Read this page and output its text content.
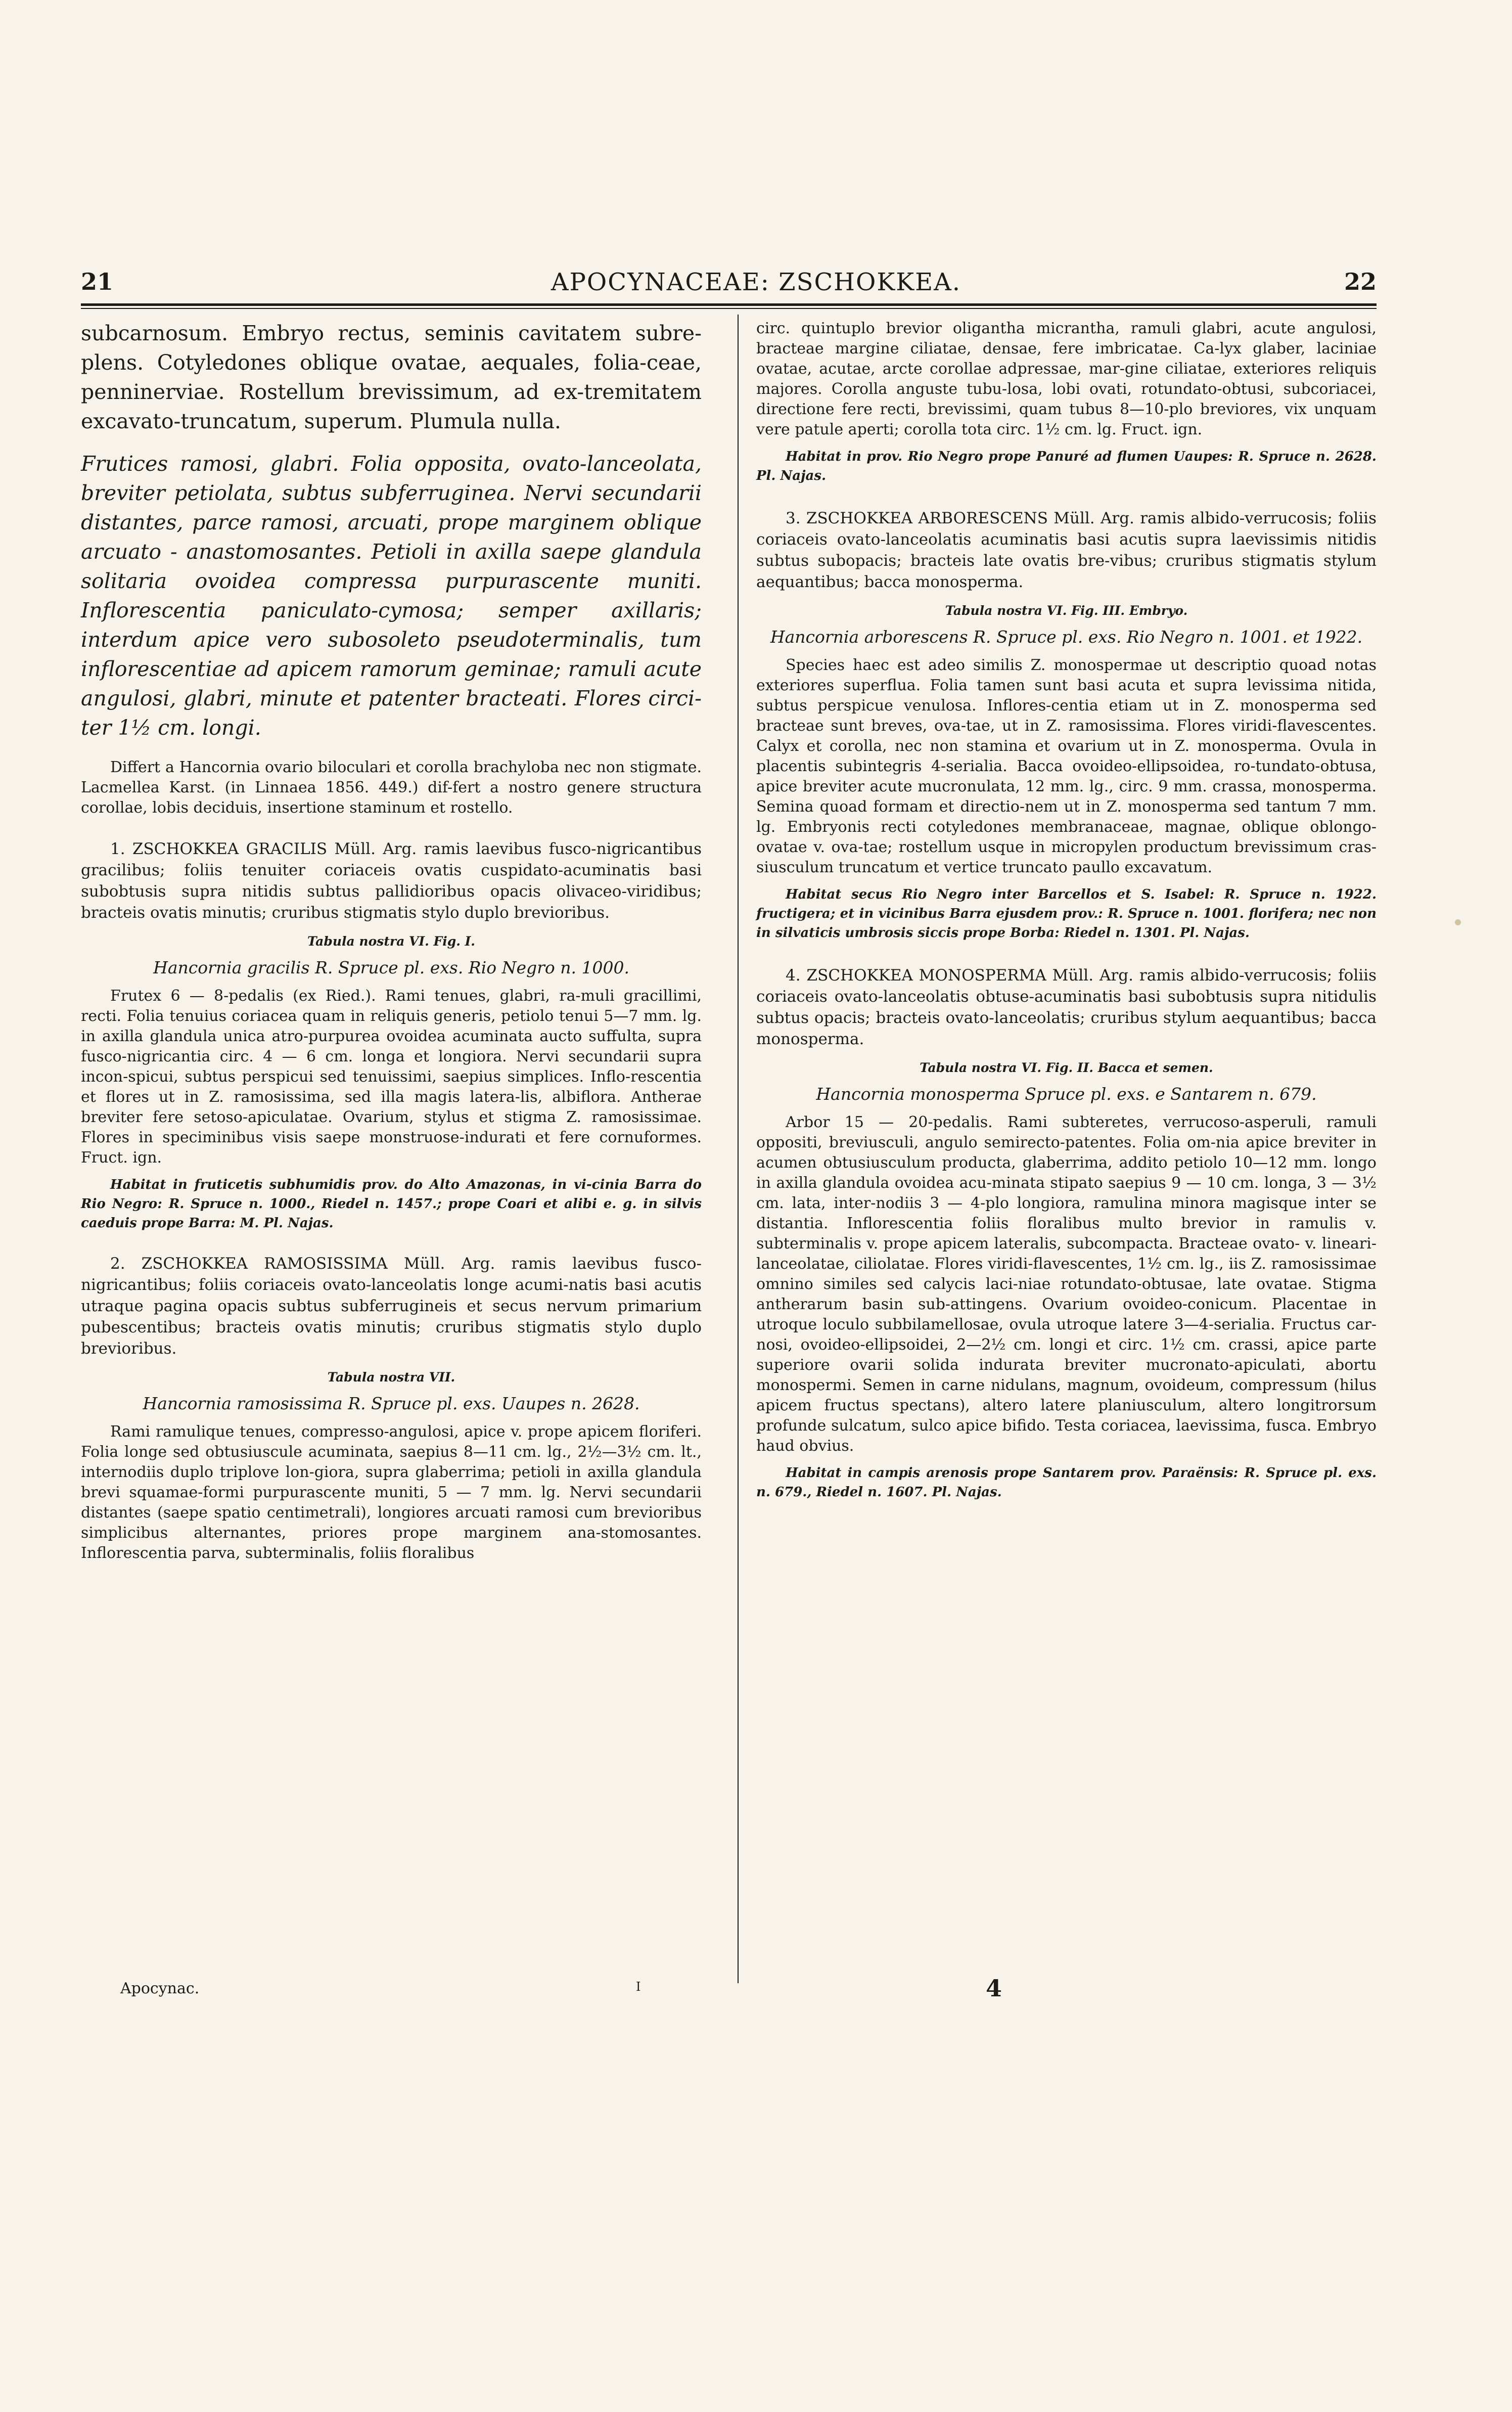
21	APOCYNACEAE: ZSCHOKKEA.	22

subcarnosum. Embryo rectus, seminis cavitatem subre-plens. Cotyledones oblique ovatae, aequales, folia-ceae, penninerviae. Rostellum brevissimum, ad ex-tremitatem excavato-truncatum, superum. Plumula nulla.

Frutices ramosi, glabri. Folia opposita, ovato-lanceolata, breviter petiolata, subtus subferruginea. Nervi secundarii distantes, parce ramosi, arcuati, prope marginem oblique arcuato - anastomosantes. Petioli in axilla saepe glandula solitaria ovoidea compressa purpurascente muniti. Inflorescentia paniculato-cymosa; semper axillaris; interdum apice vero subosoleto pseudoterminalis, tum inflorescentiae ad apicem ramorum geminae; ramuli acute angulosi, glabri, minute et patenter bracteati. Flores circi-ter 1½ cm. longi.

Differt a Hancornia ovario biloculari et corolla brachyloba nec non stigmate. Lacmellea Karst. (in Linnaea 1856. 449.) dif-fert a nostro genere structura corollae, lobis deciduis, insertione staminum et rostello.

1. ZSCHOKKEA GRACILIS Müll. Arg. ramis laevibus fusco-nigricantibus gracilibus; foliis tenuiter coriaceis ovatis cuspidato-acuminatis basi subobtusis supra nitidis subtus pallidioribus opacis olivaceo-viridibus; bracteis ovatis minutis; cruribus stigmatis stylo duplo brevioribus.

Tabula nostra VI. Fig. I.

Hancornia gracilis R. Spruce pl. exs. Rio Negro n. 1000.

Frutex 6 — 8-pedalis (ex Ried.). Rami tenues, glabri, ra-muli gracillimi, recti. Folia tenuius coriacea quam in reliquis generis, petiolo tenui 5—7 mm. lg. in axilla glandula unica atro-purpurea ovoidea acuminata aucto suffulta, supra fusco-nigricantia circ. 4 — 6 cm. longa et longiora. Nervi secundarii supra incon-spicui, subtus perspicui sed tenuissimi, saepius simplices. Inflo-rescentia et flores ut in Z. ramosissima, sed illa magis latera-lis, albiflora. Antherae breviter fere setoso-apiculatae. Ovarium, stylus et stigma Z. ramosissimae. Flores in speciminibus visis saepe monstruose-indurati et fere cornuformes. Fruct. ign.

Habitat in fruticetis subhumidis prov. do Alto Amazonas, in vi-cinia Barra do Rio Negro: R. Spruce n. 1000., Riedel n. 1457.; prope Coari et alibi e. g. in silvis caeduis prope Barra: M. Pl. Najas.

2. ZSCHOKKEA RAMOSISSIMA Müll. Arg. ramis laevibus fusco-nigricantibus; foliis coriaceis ovato-lanceolatis longe acumi-natis basi acutis utraque pagina opacis subtus subferrugineis et secus nervum primarium pubescentibus; bracteis ovatis minutis; cruribus stigmatis stylo duplo brevioribus.

Tabula nostra VII.

Hancornia ramosissima R. Spruce pl. exs. Uaupes n. 2628.

Rami ramulique tenues, compresso-angulosi, apice v. prope apicem floriferi. Folia longe sed obtusiuscule acuminata, saepius 8—11 cm. lg., 2½—3½ cm. lt., internodiis duplo triplove lon-giora, supra glaberrima; petioli in axilla glandula brevi squamae-formi purpurascente muniti, 5 — 7 mm. lg. Nervi secundarii distantes (saepe spatio centimetrali), longiores arcuati ramosi cum brevioribus simplicibus alternantes, priores prope marginem ana-stomosantes. Inflorescentia parva, subterminalis, foliis floralibus

circ. quintuplo brevior oligantha micrantha, ramuli glabri, acute angulosi, bracteae margine ciliatae, densae, fere imbricatae. Ca-lyx glaber, laciniae ovatae, acutae, arcte corollae adpressae, mar-gine ciliatae, exteriores reliquis majores. Corolla anguste tubu-losa, lobi ovati, rotundato-obtusi, subcoriacei, directione fere recti, brevissimi, quam tubus 8—10-plo breviores, vix unquam vere patule aperti; corolla tota circ. 1½ cm. lg. Fruct. ign.

Habitat in prov. Rio Negro prope Panuré ad flumen Uaupes: R. Spruce n. 2628. Pl. Najas.

3. ZSCHOKKEA ARBORESCENS Müll. Arg. ramis albido-verrucosis; foliis coriaceis ovato-lanceolatis acuminatis basi acutis supra laevissimis nitidis subtus subopacis; bracteis late ovatis bre-vibus; cruribus stigmatis stylum aequantibus; bacca monosperma.

Tabula nostra VI. Fig. III. Embryo.

Hancornia arborescens R. Spruce pl. exs. Rio Negro n. 1001. et 1922.

Species haec est adeo similis Z. monospermae ut descriptio quoad notas exteriores superflua. Folia tamen sunt basi acuta et supra levissima nitida, subtus perspicue venulosa. Inflores-centia etiam ut in Z. monosperma sed bracteae sunt breves, ova-tae, ut in Z. ramosissima. Flores viridi-flavescentes. Calyx et corolla, nec non stamina et ovarium ut in Z. monosperma. Ovula in placentis subintegris 4-serialia. Bacca ovoideo-ellipsoidea, ro-tundato-obtusa, apice breviter acute mucronulata, 12 mm. lg., circ. 9 mm. crassa, monosperma. Semina quoad formam et directio-nem ut in Z. monosperma sed tantum 7 mm. lg. Embryonis recti cotyledones membranaceae, magnae, oblique oblongo-ovatae v. ova-tae; rostellum usque in micropylen productum brevissimum cras-siusculum truncatum et vertice truncato paullo excavatum.

Habitat secus Rio Negro inter Barcellos et S. Isabel: R. Spruce n. 1922. fructigera; et in vicinibus Barra ejusdem prov.: R. Spruce n. 1001. florifera; nec non in silvaticis umbrosis siccis prope Borba: Riedel n. 1301. Pl. Najas.

4. ZSCHOKKEA MONOSPERMA Müll. Arg. ramis albido-verrucosis; foliis coriaceis ovato-lanceolatis obtuse-acuminatis basi subobtusis supra nitidulis subtus opacis; bracteis ovato-lanceolatis; cruribus stylum aequantibus; bacca monosperma.

Tabula nostra VI. Fig. II. Bacca et semen.

Hancornia monosperma Spruce pl. exs. e Santarem n. 679.

Arbor 15 — 20-pedalis. Rami subteretes, verrucoso-asperuli, ramuli oppositi, breviusculi, angulo semirecto-patentes. Folia om-nia apice breviter in acumen obtusiusculum producta, glaberrima, addito petiolo 10—12 mm. longo in axilla glandula ovoidea acu-minata stipato saepius 9 — 10 cm. longa, 3 — 3½ cm. lata, inter-nodiis 3 — 4-plo longiora, ramulina minora magisque inter se distantia. Inflorescentia foliis floralibus multo brevior in ramulis v. subterminalis v. prope apicem lateralis, subcompacta. Bracteae ovato- v. lineari-lanceolatae, ciliolatae. Flores viridi-flavescentes, 1½ cm. lg., iis Z. ramosissimae omnino similes sed calycis laci-niae rotundato-obtusae, late ovatae. Stigma antherarum basin sub-attingens. Ovarium ovoideo-conicum. Placentae in utroque loculo subbilamellosae, ovula utroque latere 3—4-serialia. Fructus car-nosi, ovoideo-ellipsoidei, 2—2½ cm. longi et circ. 1½ cm. crassi, apice parte superiore ovarii solida indurata breviter mucronato-apiculati, abortu monospermi. Semen in carne nidulans, magnum, ovoideum, compressum (hilus apicem fructus spectans), altero latere planiusculum, altero longitrorsum profunde sulcatum, sulco apice bifido. Testa coriacea, laevissima, fusca. Embryo haud obvius.

Habitat in campis arenosis prope Santarem prov. Paraënsis: R. Spruce pl. exs. n. 679., Riedel n. 1607. Pl. Najas.

Apocynac.	I	4
